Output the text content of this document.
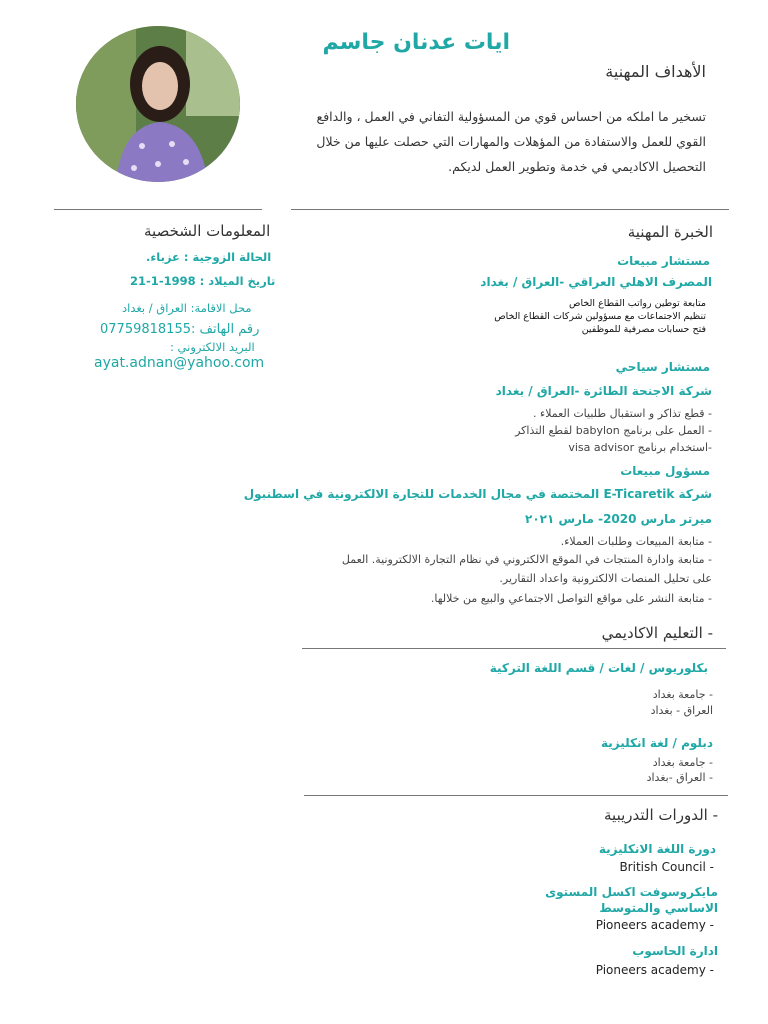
ايات عدنان جاسم
الأهداف المهنية
تسخير ما املكه من احساس قوي من المسؤولية التفاني في العمل ، والدافع القوي للعمل والاستفادة من المؤهلات والمهارات التي حصلت عليها من خلال التحصيل الاكاديمي في خدمة وتطوير العمل لديكم.
المعلومات الشخصية
الحالة الزوجية : عزباء.
تاريخ الميلاد : 1998-1-21
محل الاقامة: العراق / بغداد
رقم الهاتف :07759818155
البريد الالكتروني :
ayat.adnan@yahoo.com
الخبرة المهنية
مستشار مبيعات
المصرف الاهلي العراقي -العراق / بغداد
متابعة توطين رواتب القطاع الخاص
تنظيم الاجتماعات مع مسؤولين شركات القطاع الخاص
فتح حسابات مصرفية للموظفين
مستشار سياحي
شركة الاجنحة الطائرة -العراق / بغداد
- قطع تذاكر و استقبال طلبيات العملاء .
- العمل على برنامج babylon لقطع التذاكر
-استخدام برنامج visa advisor
مسؤول مبيعات
شركة E-Ticaretik المختصة في مجال الخدمات للتجارة الالكترونية في اسطنبول
ميرتر مارس 2020- مارس ٢٠٢١
- متابعة المبيعات وطلبات العملاء.
- متابعة وادارة المنتجات في الموقع الالكتروني في نظام التجارة الالكترونية. العمل
على تحليل المنصات الالكترونية واعداد التقارير.
- متابعة النشر على مواقع التواصل الاجتماعي والبيع من خلالها.
- التعليم الاكاديمي
بكلوريوس / لغات / قسم اللغة التركية
- جامعة بغداد
العراق - بغداد
دبلوم / لغة انكليزية
- جامعة بغداد
- العراق -بغداد
- الدورات التدريبية
دورة اللغة الانكليزية
British Council -
مايكروسوفت اكسل المستوى الاساسي والمتوسط
Pioneers academy -
ادارة الحاسوب
Pioneers academy -
